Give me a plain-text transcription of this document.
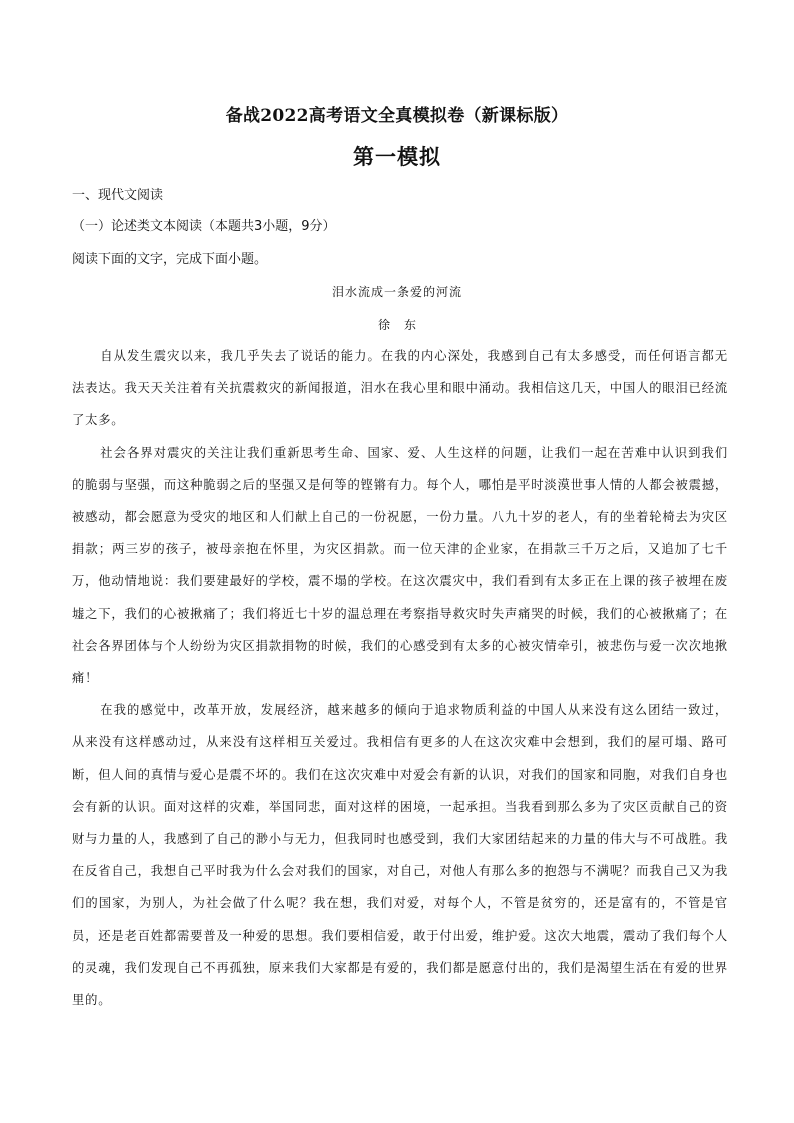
备战2022高考语文全真模拟卷（新课标版）
第一模拟
一、现代文阅读
（一）论述类文本阅读（本题共3小题，9分）
阅读下面的文字，完成下面小题。
泪水流成一条爱的河流
徐东

自从发生震灾以来，我几乎失去了说话的能力。在我的内心深处，我感到自己有太多感受，而任何语言都无法表达。我天天关注着有关抗震救灾的新闻报道，泪水在我心里和眼中涌动。我相信这几天，中国人的眼泪已经流了太多。

社会各界对震灾的关注让我们重新思考生命、国家、爱、人生这样的问题，让我们一起在苦难中认识到我们的脆弱与坚强，而这种脆弱之后的坚强又是何等的铿锵有力。每个人，哪怕是平时淡漠世事人情的人都会被震撼，被感动，都会愿意为受灾的地区和人们献上自己的一份祝愿，一份力量。八九十岁的老人，有的坐着轮椅去为灾区捐款；两三岁的孩子，被母亲抱在怀里，为灾区捐款。而一位天津的企业家，在捐款三千万之后，又追加了七千万，他动情地说：我们要建最好的学校，震不塌的学校。在这次震灾中，我们看到有太多正在上课的孩子被埋在废墟之下，我们的心被揪痛了；我们将近七十岁的温总理在考察指导救灾时失声痛哭的时候，我们的心被揪痛了；在社会各界团体与个人纷纷为灾区捐款捐物的时候，我们的心感受到有太多的心被灾情牵引，被悲伤与爱一次次地揪痛！

在我的感觉中，改革开放，发展经济，越来越多的倾向于追求物质利益的中国人从来没有这么团结一致过，从来没有这样感动过，从来没有这样相互关爱过。我相信有更多的人在这次灾难中会想到，我们的屋可塌、路可断，但人间的真情与爱心是震不坏的。我们在这次灾难中对爱会有新的认识，对我们的国家和同胞，对我们自身也会有新的认识。面对这样的灾难，举国同悲，面对这样的困境，一起承担。当我看到那么多为了灾区贡献自己的资财与力量的人，我感到了自己的渺小与无力，但我同时也感受到，我们大家团结起来的力量的伟大与不可战胜。我在反省自己，我想自己平时我为什么会对我们的国家，对自己，对他人有那么多的抱怨与不满呢？而我自己又为我们的国家，为别人，为社会做了什么呢？我在想，我们对爱，对每个人，不管是贫穷的，还是富有的，不管是官员，还是老百姓都需要普及一种爱的思想。我们要相信爱，敢于付出爱，维护爱。这次大地震，震动了我们每个人的灵魂，我们发现自己不再孤独，原来我们大家都是有爱的，我们都是愿意付出的，我们是渴望生活在有爱的世界里的。
